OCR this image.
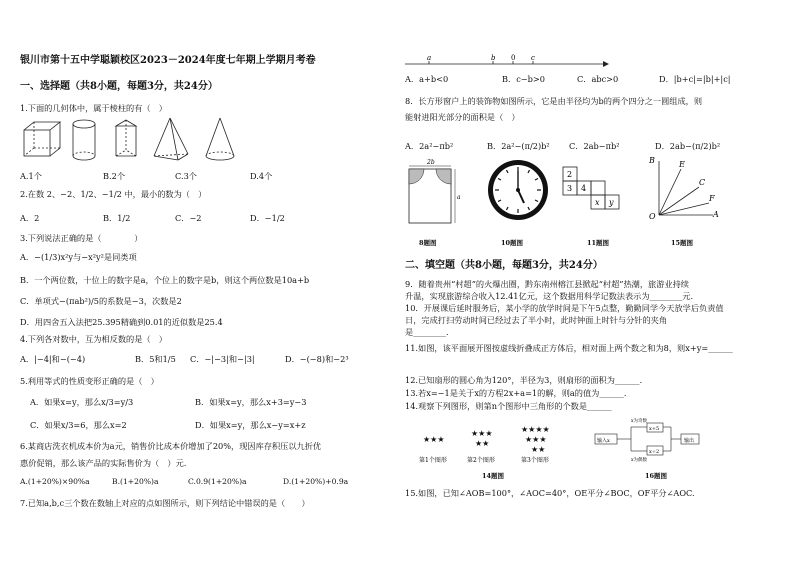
银川市第十五中学聪颖校区2023－2024年度七年期上学期月考卷
一、选择题（共8小题，每题3分，共24分）
1.下面的几何体中，属于棱柱的有（　）
A.1个	B.2个	C.3个	D.4个
2.在数 2、−2、1/2、−1/2 中，最小的数为（　）
A．2	B．1/2	C．−2	D．−1/2
3.下列说法正确的是（　　　　）
A．−(1/3)x²y与−x²y²是同类项
B．一个两位数，十位上的数字是a，个位上的数字是b，则这个两位数是10a+b
C．单项式−(πab²)/5的系数是−3，次数是2
D．用四舍五入法把25.395精确到0.01的近似数是25.4
4.下列各对数中，互为相反数的是（　）
A．|−4|和−(−4)	B．5和1/5 C．−|−3|和−|3|	D．−(−8)和−2³
5.利用等式的性质变形正确的是（　）
A．如果x=y，那么x/3=y/3	B．如果x=y，那么x+3=y−3
C．如果x/3=6，那么x=2	D．如果x=y，那么x−y=x+z
6.某商店洗衣机成本价为a元，销售价比成本价增加了20%，现因库存积压以九折优
惠价促销，那么该产品的实际售价为（　）元.
A.(1+20%)×90%a	B.(1+20%)a	C.0.9(1+20%)a	D.(1+20%)+0.9a
7.已知a,b,c三个数在数轴上对应的点如图所示，则下列结论中错误的是（　　）
a	b 0 c
A．a+b<0	B．c−b>0	C．abc>0	D．|b+c|=|b|+|c|
8．长方形窗户上的装饰物如图所示，它是由半径均为b的两个四分之一圆组成，则
能射进阳光部分的面积是（　）
A．2a²−πb²	B．2a²−(π/2)b² C．2ab−πb²	D．2ab−(π/2)b²
2b
a
2
3 4
x y
B	E
C
F
A
O
8题图	10题图	11题图	15题图
二、填空题（共8小题，每题3分，共24分）
9．随着贵州“村超”的火爆出圈，黔东南州榕江县掀起“村超”热潮，旅游业持续
升温，实现旅游综合收入12.41亿元，这个数据用科学记数法表示为________元.
10．开展课后延时服务后，某小学的放学时间是下午5点整，勤勤同学今天放学后负责值
日，完成打扫劳动时间已经过去了半小时，此时钟面上时针与分针的夹角
是________.
11.如图，该平面展开图按虚线折叠成正方体后，相对面上两个数之和为8，则x+y=______
12.已知扇形的圆心角为120°，半径为3，则扇形的面积为______.
13.若x=−1是关于x的方程2x+a=1的解，则a的值为______.
14.观察下列图形，则第n个图形中三角形的个数是______
★★★
★★★
★★
★★★★
★★★
★★
第1个图形	第2个图形	第3个图形
输入x
x为奇数
x为偶数
x+5
x÷2
输出
14题图	16题图
15.如图，已知∠AOB=100°，∠AOC=40°，OE平分∠BOC，OF平分∠AOC.
